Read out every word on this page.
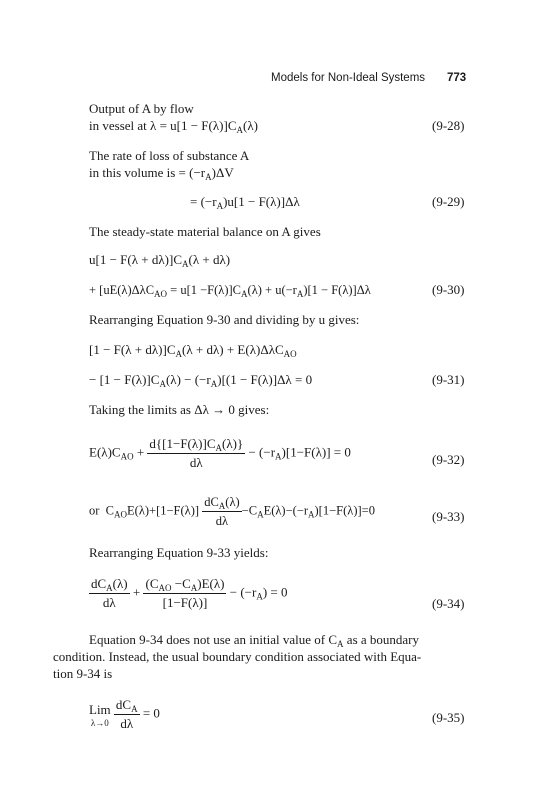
Models for Non-Ideal Systems 773
Output of A by flow
in vessel at $\lambda = u[1 - F(\lambda)]C_A(\lambda)$	(9-28)
The rate of loss of substance A
in this volume is = $(-r_A)\Delta V$
= $(-r_A)u[1 - F(\lambda)]\Delta\lambda$	(9-29)
The steady-state material balance on A gives
$u[1 - F(\lambda + d\lambda)]C_A(\lambda + d\lambda)$
+ [$uE(\lambda)\Delta\lambda C_{AO} = u[1 -F(\lambda)]C_A(\lambda) + u(-r_A)[1 - F(\lambda)]\Delta\lambda$	(9-30)
Rearranging Equation 9-30 and dividing by u gives:
$[1 - F(\lambda + d\lambda)]C_A(\lambda + d\lambda) + E(\lambda)\Delta\lambda C_{AO}$
− $[1 - F(\lambda)]C_A(\lambda) - (-r_A)[(1 - F(\lambda)]\Delta\lambda = 0$	(9-31)
Taking the limits as Δλ → 0 gives:
$E(\lambda)C_{AO} + \frac{d\{[1-F(\lambda)]C_A(\lambda)\}}{d\lambda} - (-r_A)[1-F(\lambda)] = 0$
(9-32)
or $C_{AO}E(\lambda)+[1-F(\lambda)] \frac{dC_A(\lambda)}{d\lambda} -C_AE(\lambda)-(-r_A)[1-F(\lambda)]=0$	(9-33)
Rearranging Equation 9-33 yields:
$\frac{dC_A(\lambda)}{d\lambda} + \frac{(C_{AO} -C_A)E(\lambda)}{[1-F(\lambda)]} - (-r_A) = 0$
(9-34)
Equation 9-34 does not use an initial value of $C_A$ as a boundary
condition. Instead, the usual boundary condition associated with Equa-
tion 9-34 is
Lim
λ→0
$\frac{dC_A}{d\lambda} = 0$	(9-35)
